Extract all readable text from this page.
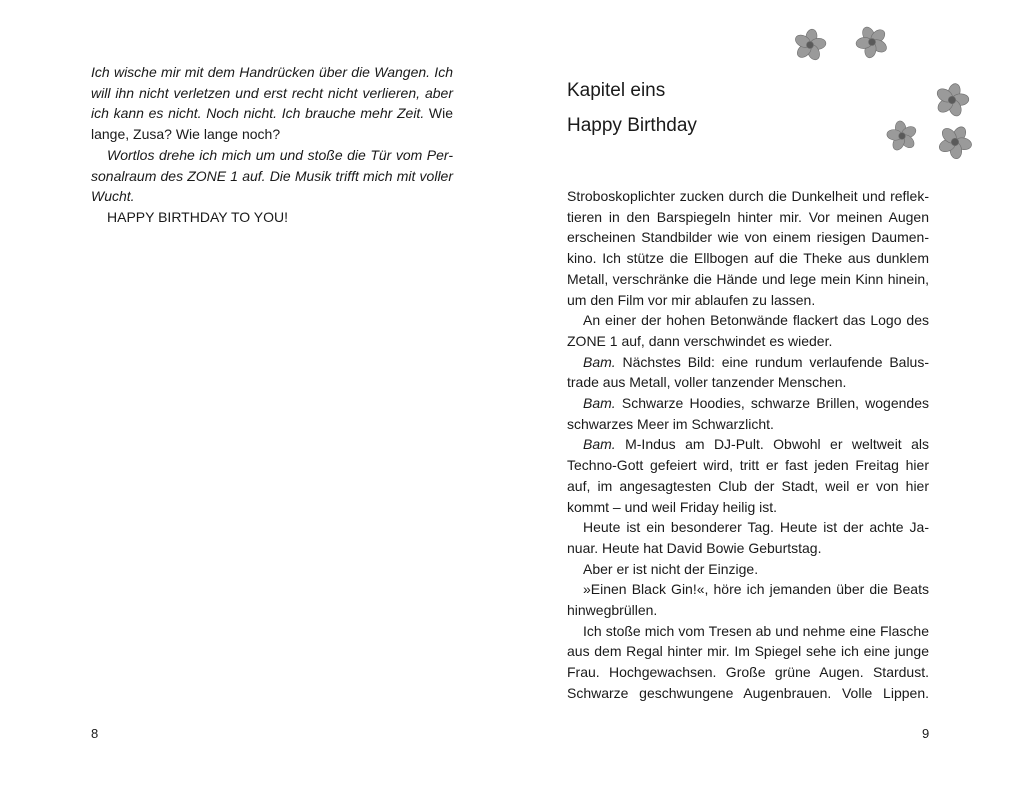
Ich wische mir mit dem Handrücken über die Wangen. Ich
will ihn nicht verletzen und erst recht nicht verlieren, aber
ich kann es nicht. Noch nicht. Ich brauche mehr Zeit. Wie
lange, Zusa? Wie lange noch?
Wortlos drehe ich mich um und stoße die Tür vom Per-
sonalraum des ZONE 1 auf. Die Musik trifft mich mit voller
Wucht.
HAPPY BIRTHDAY TO YOU!
Kapitel eins
Happy Birthday
Stroboskoplichter zucken durch die Dunkelheit und reflek-
tieren in den Barspiegeln hinter mir. Vor meinen Augen
erscheinen Standbilder wie von einem riesigen Daumen-
kino. Ich stütze die Ellbogen auf die Theke aus dunklem
Metall, verschränke die Hände und lege mein Kinn hinein,
um den Film vor mir ablaufen zu lassen.
An einer der hohen Betonwände flackert das Logo des
ZONE 1 auf, dann verschwindet es wieder.
Bam. Nächstes Bild: eine rundum verlaufende Balus-
trade aus Metall, voller tanzender Menschen.
Bam. Schwarze Hoodies, schwarze Brillen, wogendes
schwarzes Meer im Schwarzlicht.
Bam. M-Indus am DJ-Pult. Obwohl er weltweit als
Techno-Gott gefeiert wird, tritt er fast jeden Freitag hier
auf, im angesagtesten Club der Stadt, weil er von hier
kommt – und weil Friday heilig ist.
Heute ist ein besonderer Tag. Heute ist der achte Ja-
nuar. Heute hat David Bowie Geburtstag.
Aber er ist nicht der Einzige.
»Einen Black Gin!«, höre ich jemanden über die Beats
hinwegbrüllen.
Ich stoße mich vom Tresen ab und nehme eine Flasche
aus dem Regal hinter mir. Im Spiegel sehe ich eine junge
Frau. Hochgewachsen. Große grüne Augen. Stardust.
Schwarze geschwungene Augenbrauen. Volle Lippen.
8	9
